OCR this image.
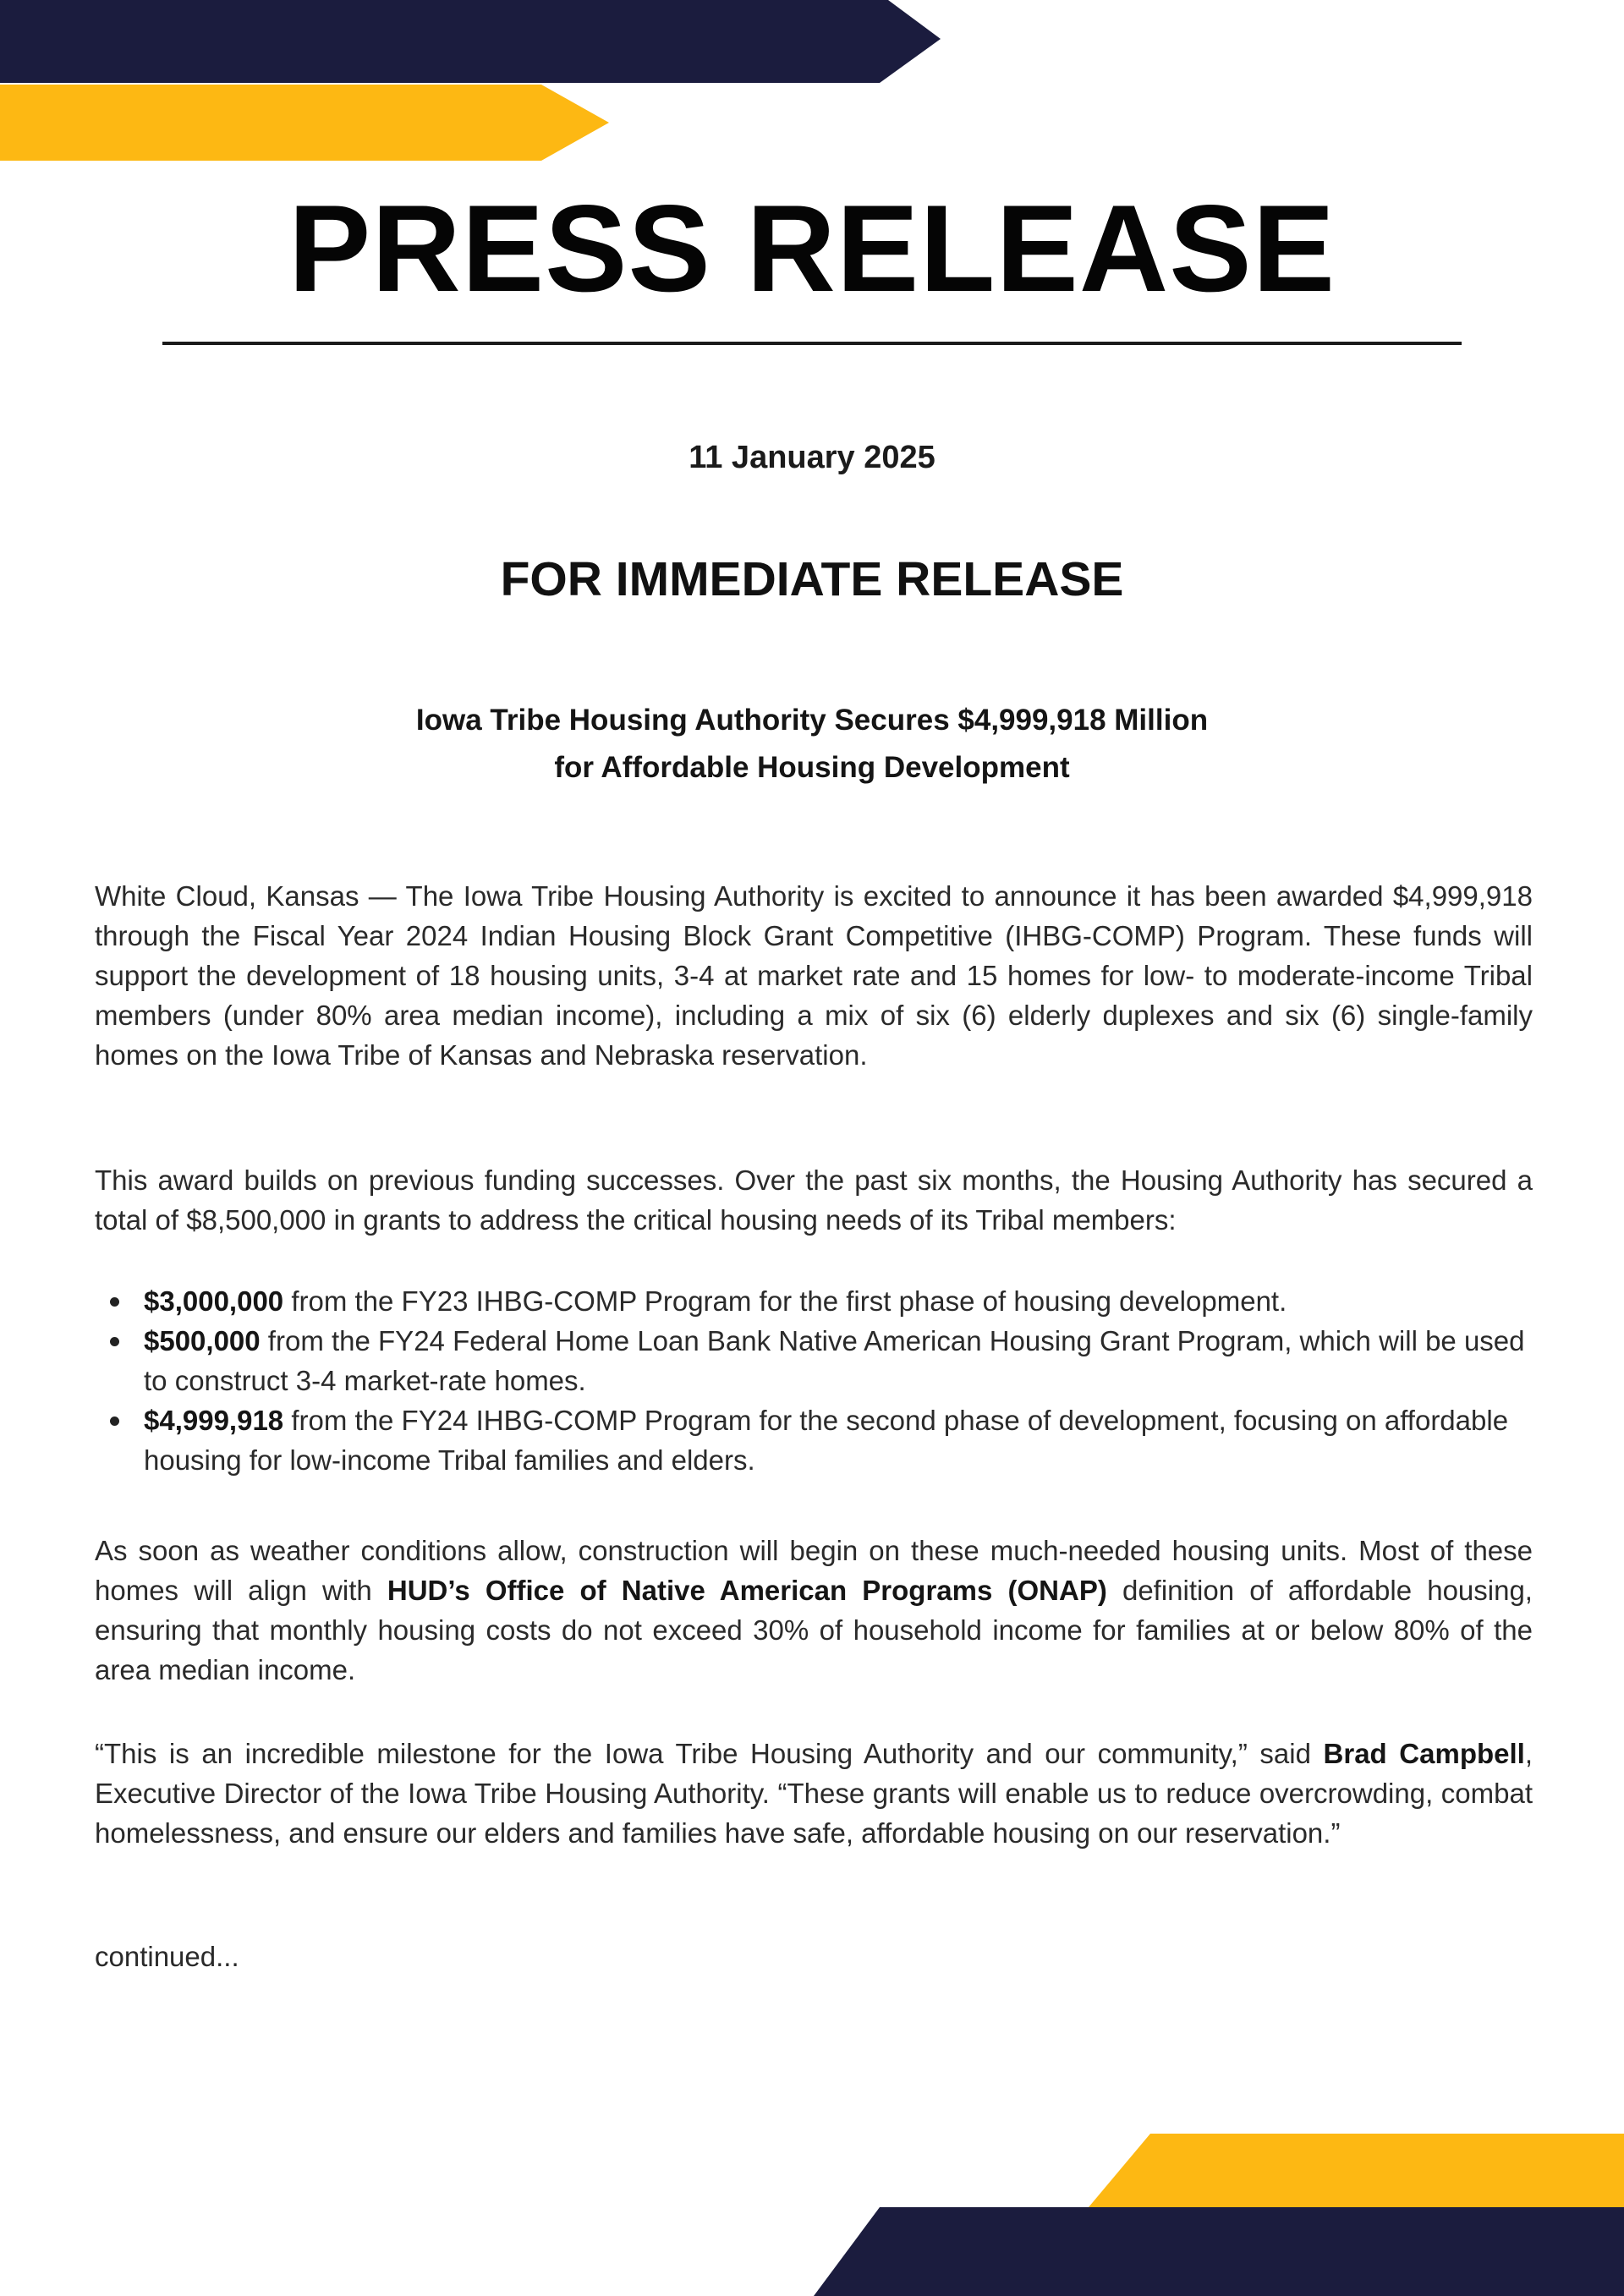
PRESS RELEASE
11 January 2025
FOR IMMEDIATE RELEASE
Iowa Tribe Housing Authority Secures $4,999,918 Million
for Affordable Housing Development

White Cloud, Kansas — The Iowa Tribe Housing Authority is excited to announce it has been awarded $4,999,918 through the Fiscal Year 2024 Indian Housing Block Grant Competitive (IHBG-COMP) Program. These funds will support the development of 18 housing units, 3-4 at market rate and 15 homes for low- to moderate-income Tribal members (under 80% area median income), including a mix of six (6) elderly duplexes and six (6) single-family homes on the Iowa Tribe of Kansas and Nebraska reservation.

This award builds on previous funding successes. Over the past six months, the Housing Authority has secured a total of $8,500,000 in grants to address the critical housing needs of its Tribal members:

$3,000,000 from the FY23 IHBG-COMP Program for the first phase of housing development.
$500,000 from the FY24 Federal Home Loan Bank Native American Housing Grant Program, which will be used to construct 3-4 market-rate homes.
$4,999,918 from the FY24 IHBG-COMP Program for the second phase of development, focusing on affordable housing for low-income Tribal families and elders.

As soon as weather conditions allow, construction will begin on these much-needed housing units. Most of these homes will align with HUD’s Office of Native American Programs (ONAP) definition of affordable housing, ensuring that monthly housing costs do not exceed 30% of household income for families at or below 80% of the area median income.

“This is an incredible milestone for the Iowa Tribe Housing Authority and our community,” said Brad Campbell, Executive Director of the Iowa Tribe Housing Authority. “These grants will enable us to reduce overcrowding, combat homelessness, and ensure our elders and families have safe, affordable housing on our reservation.”

continued...
